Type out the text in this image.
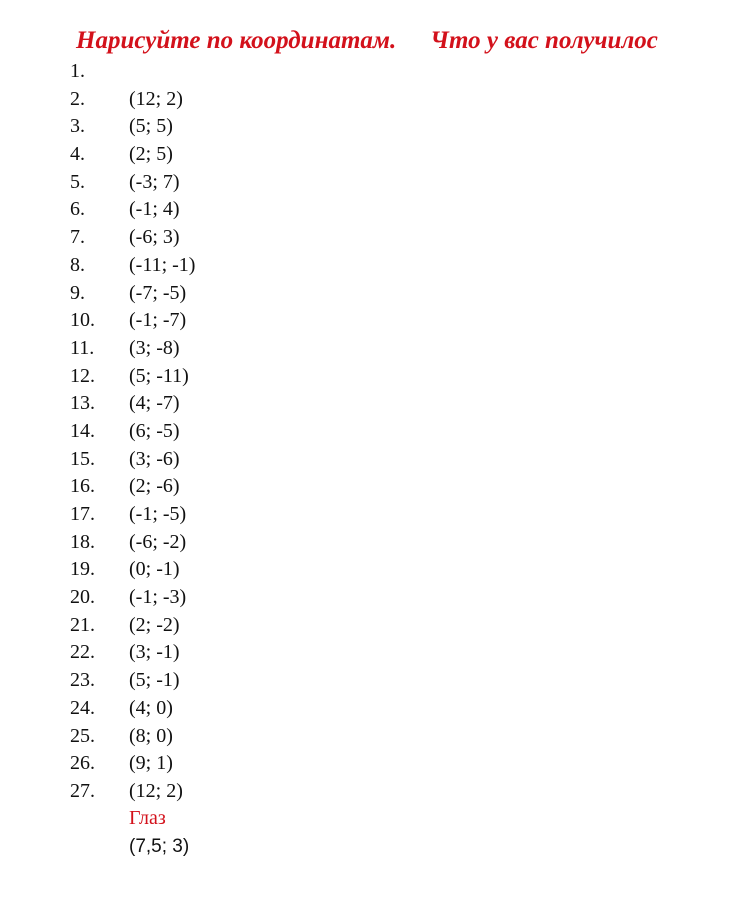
Нарисуйте по координатам. Что у вас получилос
1.
2. (12; 2)
3. (5; 5)
4. (2; 5)
5. (-3; 7)
6. (-1; 4)
7. (-6; 3)
8. (-11; -1)
9. (-7; -5)
10. (-1; -7)
11. (3; -8)
12. (5; -11)
13. (4; -7)
14. (6; -5)
15. (3; -6)
16. (2; -6)
17. (-1; -5)
18. (-6; -2)
19. (0; -1)
20. (-1; -3)
21. (2; -2)
22. (3; -1)
23. (5; -1)
24. (4; 0)
25. (8; 0)
26. (9; 1)
27. (12; 2)
Глаз
(7,5; 3)
